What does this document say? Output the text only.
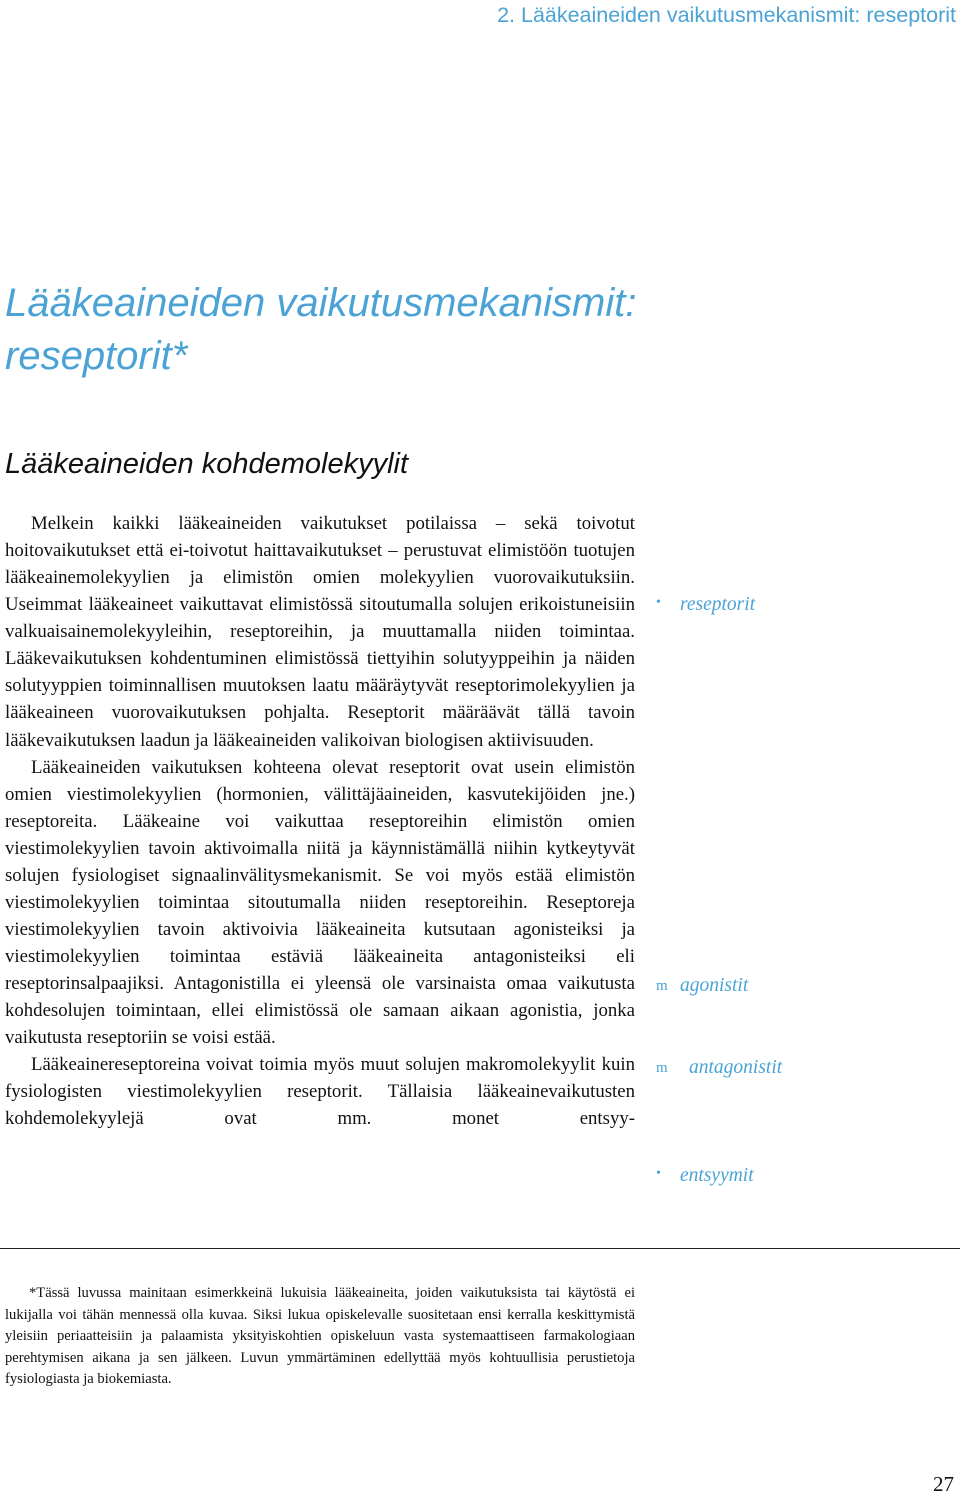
2. Lääkeaineiden vaikutusmekanismit: reseptorit
Lääkeaineiden vaikutusmekanismit:
reseptorit*
Lääkeaineiden kohdemolekyylit

Melkein kaikki lääkeaineiden vaikutukset potilaissa – sekä toivotut hoitovaikutukset että ei-toivotut haittavaikutukset – perustuvat elimistöön tuotujen lääkeainemolekyylien ja elimistön omien molekyylien vuorovaikutuksiin. Useimmat lääkeaineet vaikuttavat elimistössä sitoutumalla solujen erikoistuneisiin valkuaisainemolekyyleihin, reseptoreihin, ja muuttamalla niiden toimintaa. Lääkevaikutuksen kohdentuminen elimistössä tiettyihin solutyyppeihin ja näiden solutyyppien toiminnallisen muutoksen laatu määräytyvät reseptorimolekyylien ja lääkeaineen vuorovaikutuksen pohjalta. Reseptorit määräävät tällä tavoin lääkevaikutuksen laadun ja lääkeaineiden valikoivan biologisen aktiivisuuden.

Lääkeaineiden vaikutuksen kohteena olevat reseptorit ovat usein elimistön omien viestimolekyylien (hormonien, välittäjäaineiden, kasvutekijöiden jne.) reseptoreita. Lääkeaine voi vaikuttaa reseptoreihin elimistön omien viestimolekyylien tavoin aktivoimalla niitä ja käynnistämällä niihin kytkeytyvät solujen fysiologiset signaalinvälitysmekanismit. Se voi myös estää elimistön viestimolekyylien toimintaa sitoutumalla niiden reseptoreihin. Reseptoreja viestimolekyylien tavoin aktivoivia lääkeaineita kutsutaan agonisteiksi ja viestimolekyylien toimintaa estäviä lääkeaineita antagonisteiksi eli reseptorinsalpaajiksi. Antagonistilla ei yleensä ole varsinaista omaa vaikutusta kohdesolujen toimintaan, ellei elimistössä ole samaan aikaan agonistia, jonka vaikutusta reseptoriin se voisi estää.

Lääkeainereseptoreina voivat toimia myös muut solujen makromolekyylit kuin fysiologisten viestimolekyylien reseptorit. Tällaisia lääkeainevaikutusten kohdemolekyylejä ovat mm. monet entsyy-

• reseptorit
m agonistit
m antagonistit
• entsyymit

*Tässä luvussa mainitaan esimerkkeinä lukuisia lääkeaineita, joiden vaikutuksista tai käytöstä ei lukijalla voi tähän mennessä olla kuvaa. Siksi lukua opiskelevalle suositetaan ensi kerralla keskittymistä yleisiin periaatteisiin ja palaamista yksityiskohtien opiskeluun vasta systemaattiseen farmakologiaan perehtymisen aikana ja sen jälkeen. Luvun ymmärtäminen edellyttää myös kohtuullisia perustietoja fysiologiasta ja biokemiasta.

27
